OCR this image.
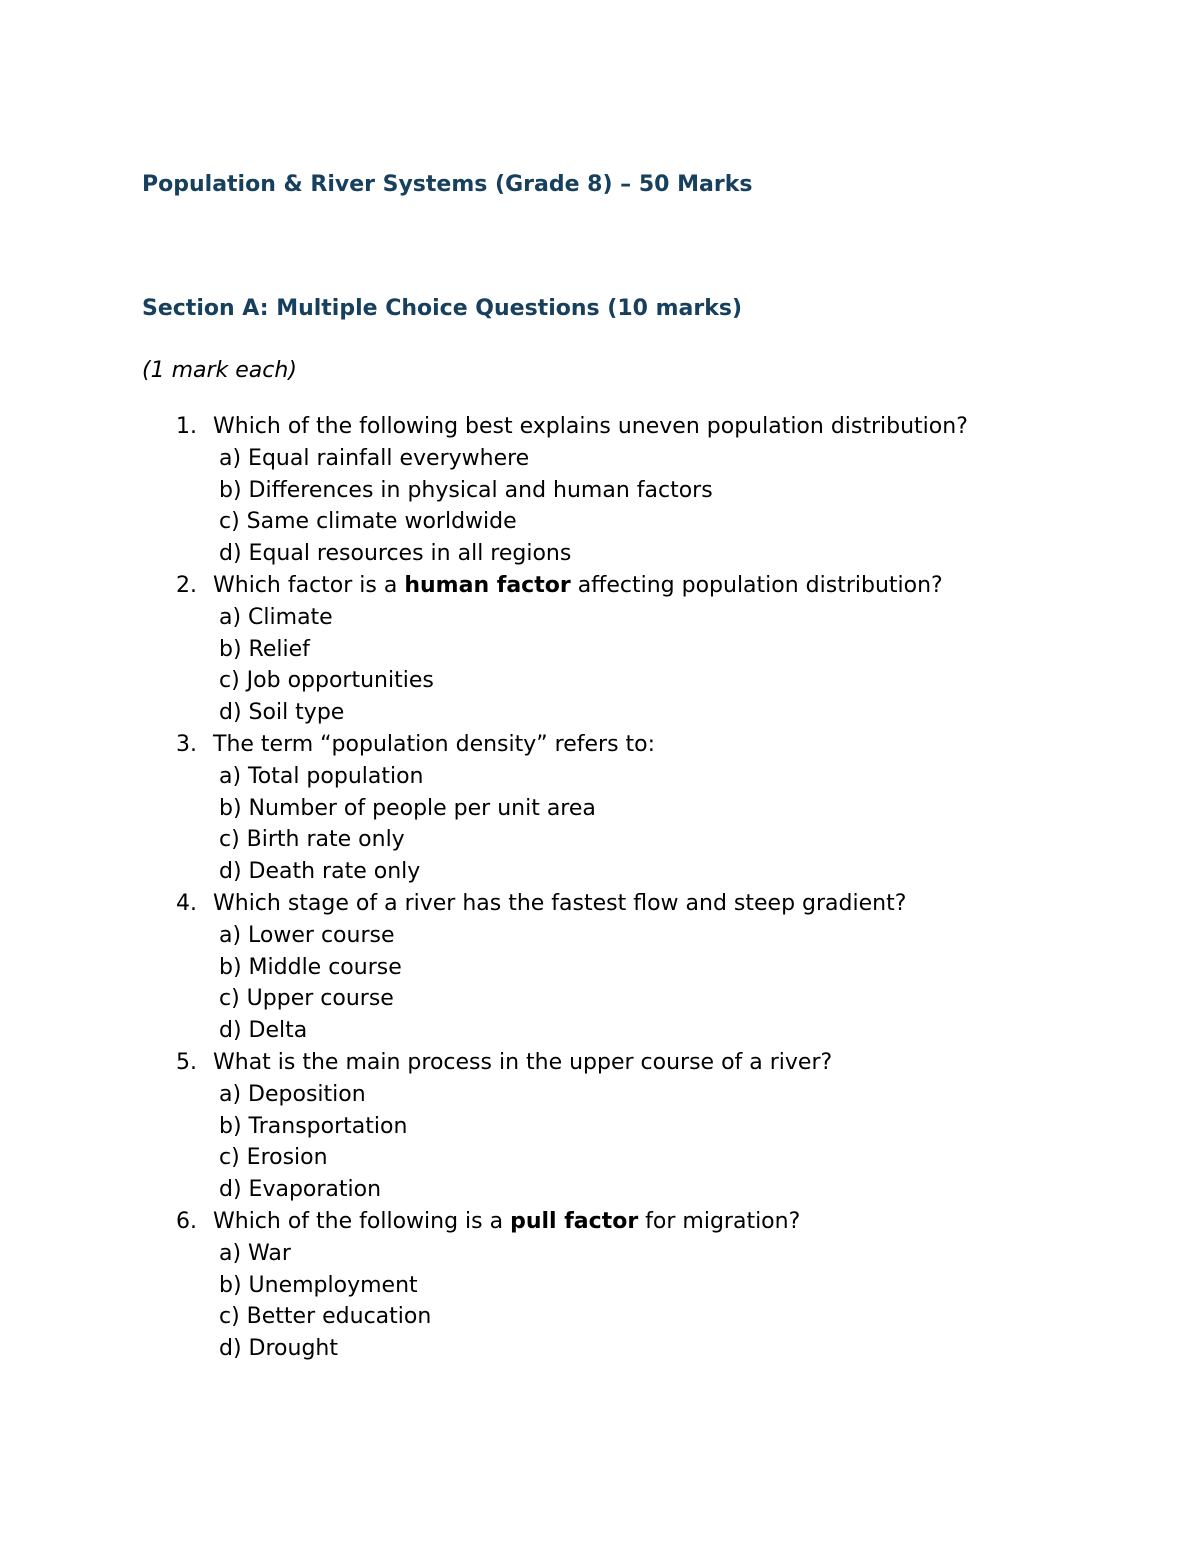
Population & River Systems (Grade 8) – 50 Marks
Section A: Multiple Choice Questions (10 marks)

(1 mark each)

1. Which of the following best explains uneven population distribution?
a) Equal rainfall everywhere
b) Differences in physical and human factors
c) Same climate worldwide
d) Equal resources in all regions
2. Which factor is a human factor affecting population distribution?
a) Climate
b) Relief
c) Job opportunities
d) Soil type
3. The term “population density” refers to:
a) Total population
b) Number of people per unit area
c) Birth rate only
d) Death rate only
4. Which stage of a river has the fastest flow and steep gradient?
a) Lower course
b) Middle course
c) Upper course
d) Delta
5. What is the main process in the upper course of a river?
a) Deposition
b) Transportation
c) Erosion
d) Evaporation
6. Which of the following is a pull factor for migration?
a) War
b) Unemployment
c) Better education
d) Drought
